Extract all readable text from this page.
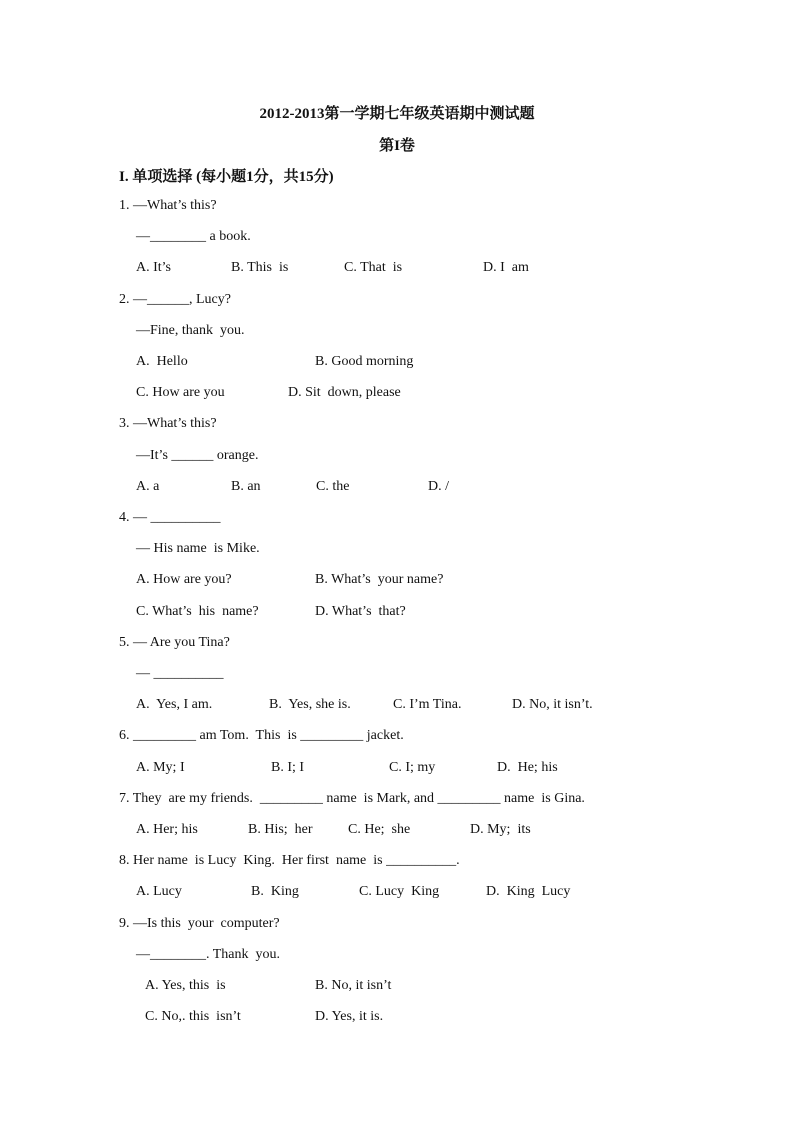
2012-2013第一学期七年级英语期中测试题
第I卷
I. 单项选择 (每小题1分，共15分)
1. —What’s this?
—________ a book.
2. —______, Lucy?
—Fine, thank  you.
3. —What’s this?
—It’s ______ orange.
4. — __________
— His name  is Mike.
5. — Are you Tina?
— __________
6. _________ am Tom.  This  is _________ jacket.
7. They  are my friends.  _________ name  is Mark, and _________ name  is Gina.
8. Her name  is Lucy  King.  Her first  name  is __________.
9. —Is this  your  computer?
—________. Thank  you.
A. It’s	B. This  is	C. That  is	D. I  am
A.  Hello	B. Good morning
C. How are you	D. Sit  down, please
A. a	B. an	C. the	D. /
A. How are you?	B. What’s  your name?
C. What’s  his  name?	D. What’s  that?
A.  Yes, I am.	B.  Yes, she is.	C. I’m Tina.	D. No, it isn’t.
A. My; I	B. I; I	C. I; my	D.  He; his
A. Her; his	B. His;  her	C. He;  she	D. My;  its
A. Lucy	B.  King	C. Lucy  King	D.  King  Lucy
A. Yes, this  is	B. No, it isn’t
C. No,. this  isn’t	D. Yes, it is.
